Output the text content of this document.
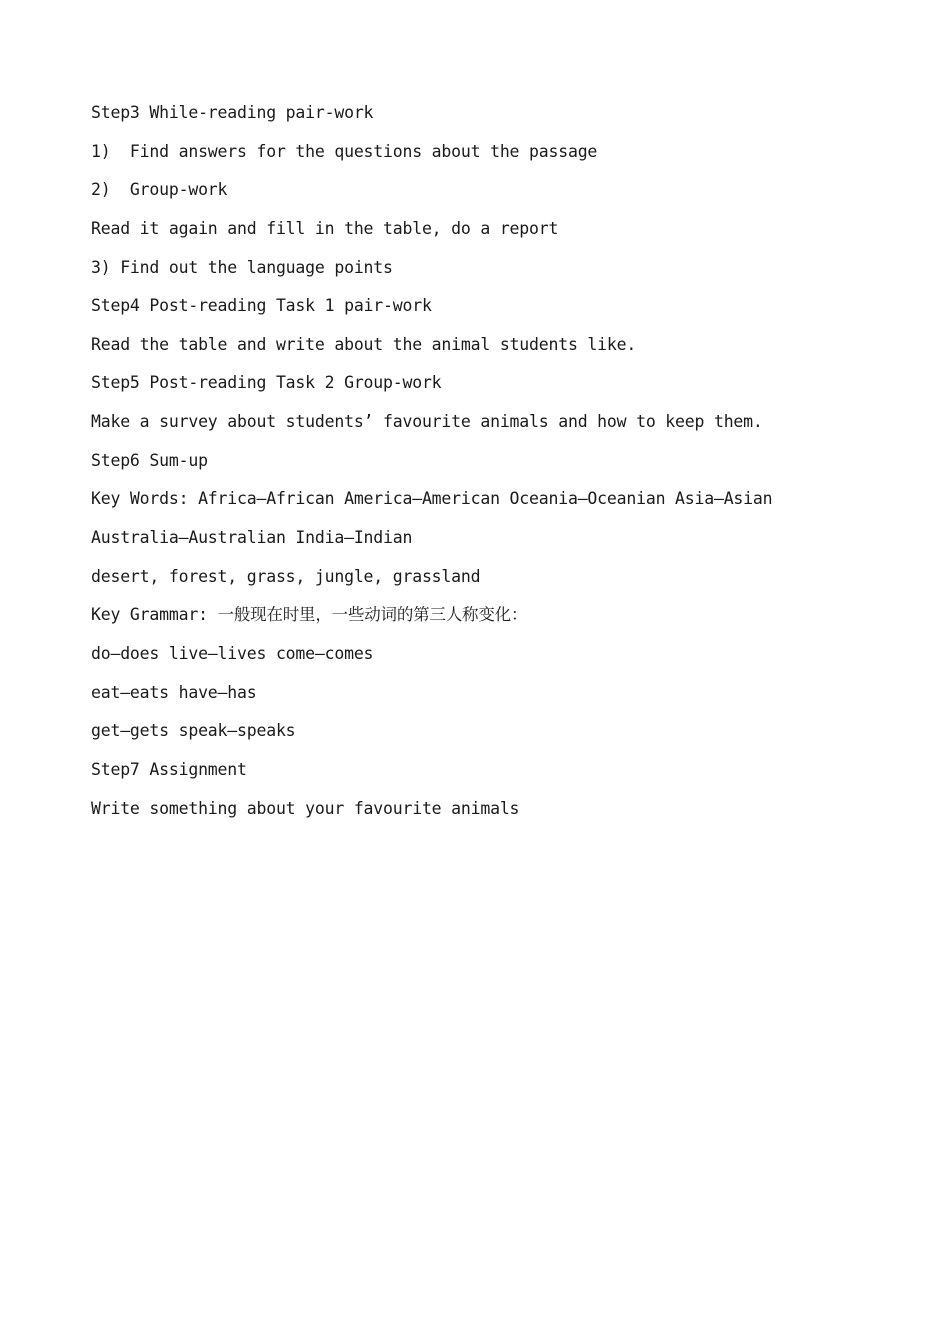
Step3 While-reading pair-work
1)  Find answers for the questions about the passage
2)  Group-work
Read it again and fill in the table, do a report
3) Find out the language points
Step4 Post-reading Task 1 pair-work
Read the table and write about the animal students like.
Step5 Post-reading Task 2 Group-work
Make a survey about students’ favourite animals and how to keep them.
Step6 Sum-up
Key Words: Africa—African America—American Oceania—Oceanian Asia—Asian
Australia—Australian India—Indian
desert, forest, grass, jungle, grassland
Key Grammar: 一般现在时里，一些动词的第三人称变化：
do—does live—lives come—comes
eat—eats have—has
get—gets speak—speaks
Step7 Assignment
Write something about your favourite animals
